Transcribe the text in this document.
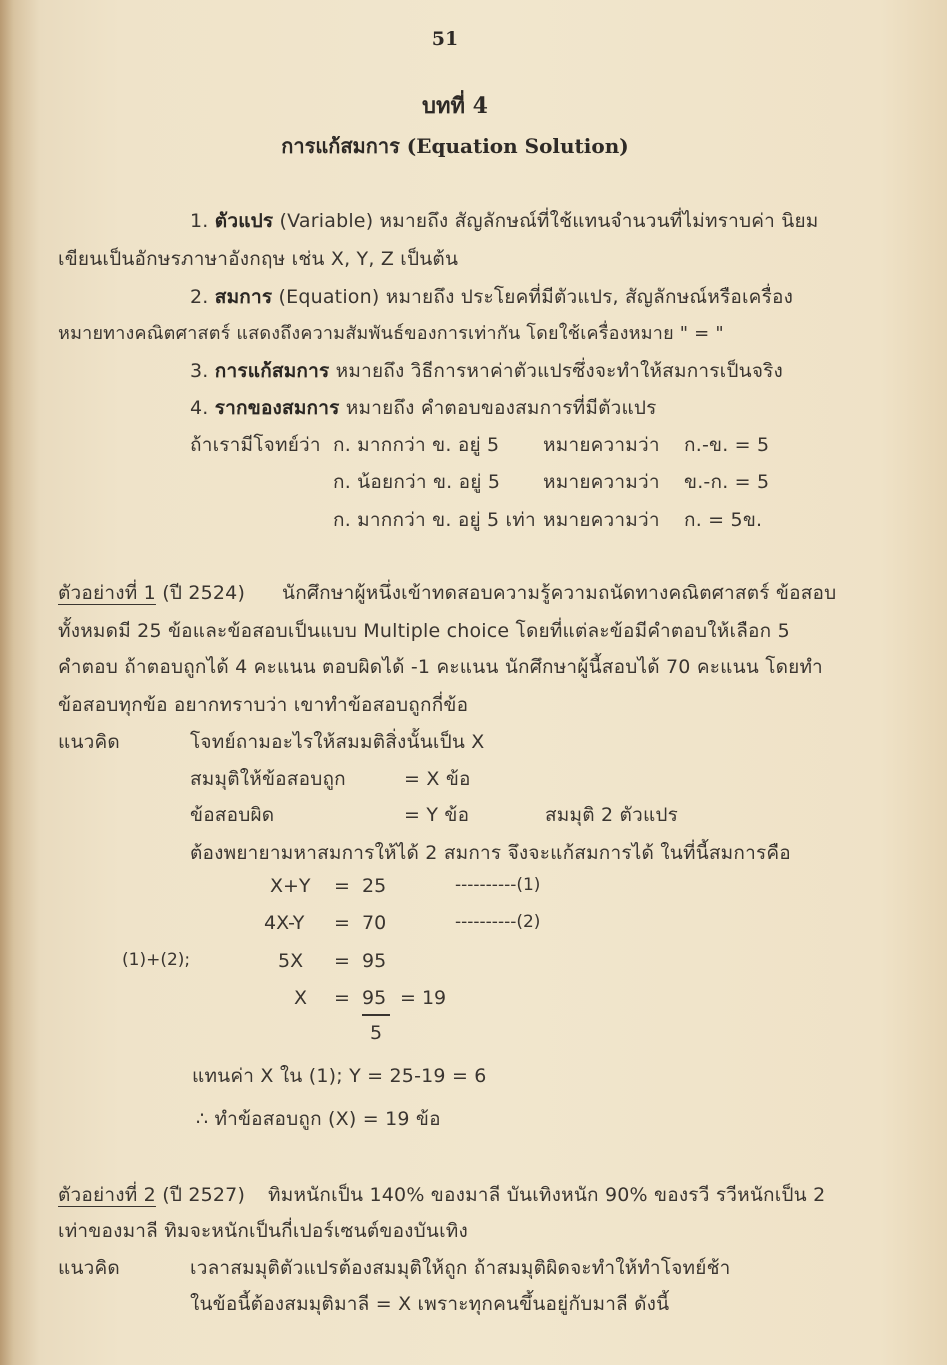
51
บทที่ 4
การแก้สมการ (Equation Solution)
1. ตัวแปร (Variable) หมายถึง สัญลักษณ์ที่ใช้แทนจำนวนที่ไม่ทราบค่า นิยม
เขียนเป็นอักษรภาษาอังกฤษ เช่น X, Y, Z เป็นต้น
2. สมการ (Equation) หมายถึง ประโยคที่มีตัวแปร, สัญลักษณ์หรือเครื่อง
หมายทางคณิตศาสตร์ แสดงถึงความสัมพันธ์ของการเท่ากัน โดยใช้เครื่องหมาย " = "
3. การแก้สมการ หมายถึง วิธีการหาค่าตัวแปรซึ่งจะทำให้สมการเป็นจริง
4. รากของสมการ หมายถึง คำตอบของสมการที่มีตัวแปร
ถ้าเรามีโจทย์ว่า ก. มากกว่า ข. อยู่ 5 หมายความว่า ก.-ข. = 5
ก. น้อยกว่า ข. อยู่ 5 หมายความว่า ข.-ก. = 5
ก. มากกว่า ข. อยู่ 5 เท่า หมายความว่า ก. = 5ข.
ตัวอย่างที่ 1 (ปี 2524) นักศึกษาผู้หนึ่งเข้าทดสอบความรู้ความถนัดทางคณิตศาสตร์ ข้อสอบ
ทั้งหมดมี 25 ข้อและข้อสอบเป็นแบบ Multiple choice โดยที่แต่ละข้อมีคำตอบให้เลือก 5
คำตอบ ถ้าตอบถูกได้ 4 คะแนน ตอบผิดได้ -1 คะแนน นักศึกษาผู้นี้สอบได้ 70 คะแนน โดยทำ
ข้อสอบทุกข้อ อยากทราบว่า เขาทำข้อสอบถูกกี่ข้อ
แนวคิด	โจทย์ถามอะไรให้สมมติสิ่งนั้นเป็น X
สมมุติให้ข้อสอบถูก	= X ข้อ
ข้อสอบผิด	= Y ข้อ	สมมุติ 2 ตัวแปร
ต้องพยายามหาสมการให้ได้ 2 สมการ จึงจะแก้สมการได้ ในที่นี้สมการคือ
X+Y = 25	----------(1)
4X-Y = 70	----------(2)
(1)+(2);	5X = 95
X = 95
5
= 19
แทนค่า X ใน (1); Y = 25-19 = 6
∴ ทำข้อสอบถูก (X) = 19 ข้อ
ตัวอย่างที่ 2 (ปี 2527) ทิมหนักเป็น 140% ของมาลี บันเทิงหนัก 90% ของรวี รวีหนักเป็น 2
เท่าของมาลี ทิมจะหนักเป็นกี่เปอร์เซนต์ของบันเทิง
แนวคิด	เวลาสมมุติตัวแปรต้องสมมุติให้ถูก ถ้าสมมุติผิดจะทำให้ทำโจทย์ช้า
ในข้อนี้ต้องสมมุติมาลี = X เพราะทุกคนขึ้นอยู่กับมาลี ดังนี้
